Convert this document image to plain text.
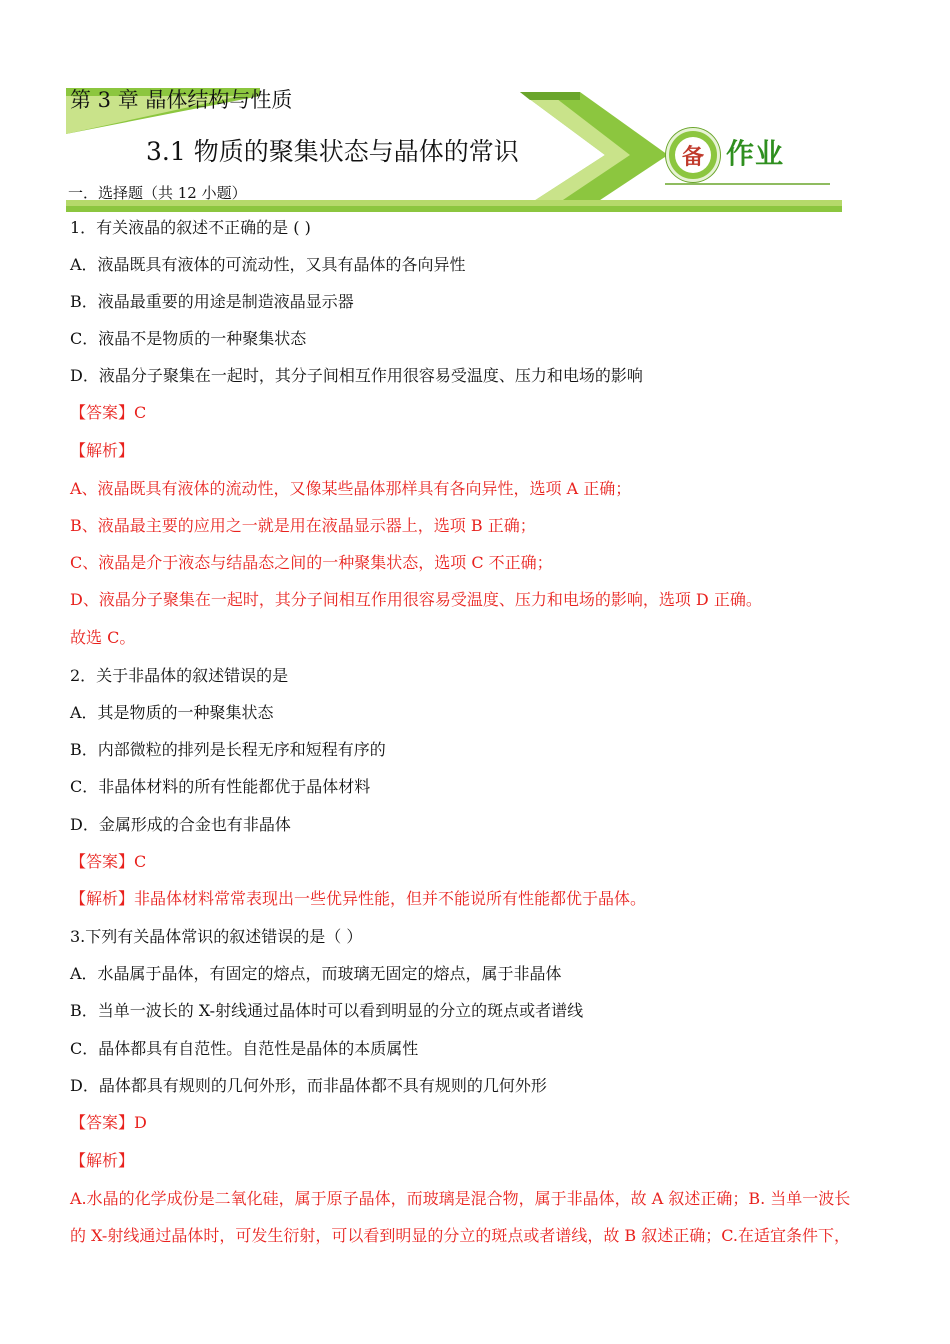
第 3 章 晶体结构与性质
3.1 物质的聚集状态与晶体的常识	备 作业
一．选择题（共 12 小题）
1．有关液晶的叙述不正确的是 ( )
A．液晶既具有液体的可流动性，又具有晶体的各向异性
B．液晶最重要的用途是制造液晶显示器
C．液晶不是物质的一种聚集状态
D．液晶分子聚集在一起时，其分子间相互作用很容易受温度、压力和电场的影响
【答案】C
【解析】
A、液晶既具有液体的流动性，又像某些晶体那样具有各向异性，选项 A 正确；
B、液晶最主要的应用之一就是用在液晶显示器上，选项 B 正确；
C、液晶是介于液态与结晶态之间的一种聚集状态，选项 C 不正确；
D、液晶分子聚集在一起时，其分子间相互作用很容易受温度、压力和电场的影响，选项 D 正确。
故选 C。
2．关于非晶体的叙述错误的是
A．其是物质的一种聚集状态
B．内部微粒的排列是长程无序和短程有序的
C．非晶体材料的所有性能都优于晶体材料
D．金属形成的合金也有非晶体
【答案】C
【解析】非晶体材料常常表现出一些优异性能，但并不能说所有性能都优于晶体。
3.下列有关晶体常识的叙述错误的是（ ）
A．水晶属于晶体，有固定的熔点，而玻璃无固定的熔点，属于非晶体
B．当单一波长的 X-射线通过晶体时可以看到明显的分立的斑点或者谱线
C．晶体都具有自范性。自范性是晶体的本质属性
D．晶体都具有规则的几何外形，而非晶体都不具有规则的几何外形
【答案】D
【解析】
A.水晶的化学成份是二氧化硅，属于原子晶体，而玻璃是混合物，属于非晶体，故 A 叙述正确；B. 当单一波长
的 X-射线通过晶体时，可发生衍射，可以看到明显的分立的斑点或者谱线，故 B 叙述正确；C.在适宜条件下，
